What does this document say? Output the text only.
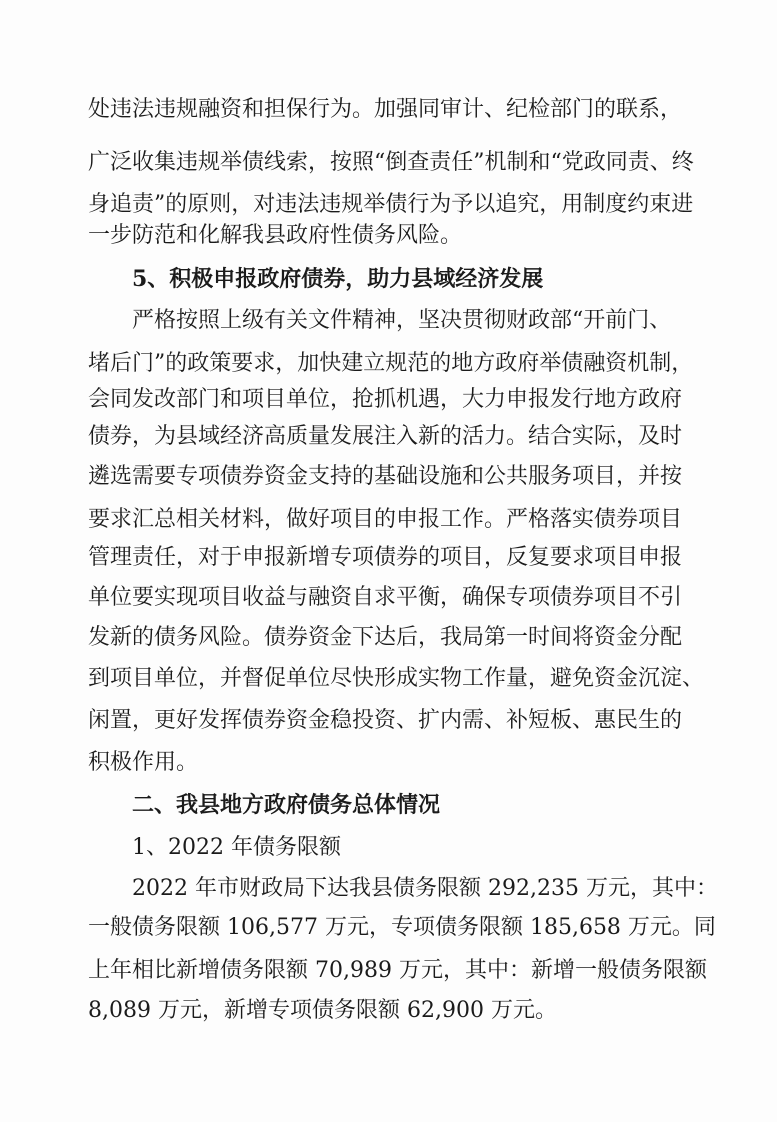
处违法违规融资和担保行为。加强同审计、纪检部门的联系，
广泛收集违规举债线索，按照“倒查责任”机制和“党政同责、终
身追责”的原则，对违法违规举债行为予以追究，用制度约束进
一步防范和化解我县政府性债务风险。
5、积极申报政府债券，助力县域经济发展
严格按照上级有关文件精神，坚决贯彻财政部“开前门、
堵后门”的政策要求，加快建立规范的地方政府举债融资机制，
会同发改部门和项目单位，抢抓机遇，大力申报发行地方政府
债券，为县域经济高质量发展注入新的活力。结合实际，及时
遴选需要专项债券资金支持的基础设施和公共服务项目，并按
要求汇总相关材料，做好项目的申报工作。严格落实债券项目
管理责任，对于申报新增专项债券的项目，反复要求项目申报
单位要实现项目收益与融资自求平衡，确保专项债券项目不引
发新的债务风险。债券资金下达后，我局第一时间将资金分配
到项目单位，并督促单位尽快形成实物工作量，避免资金沉淀、
闲置，更好发挥债券资金稳投资、扩内需、补短板、惠民生的
积极作用。
二、我县地方政府债务总体情况
1、2022 年债务限额
2022 年市财政局下达我县债务限额 292,235 万元，其中：
一般债务限额 106,577 万元，专项债务限额 185,658 万元。同
上年相比新增债务限额 70,989 万元，其中：新增一般债务限额
8,089 万元，新增专项债务限额 62,900 万元。
